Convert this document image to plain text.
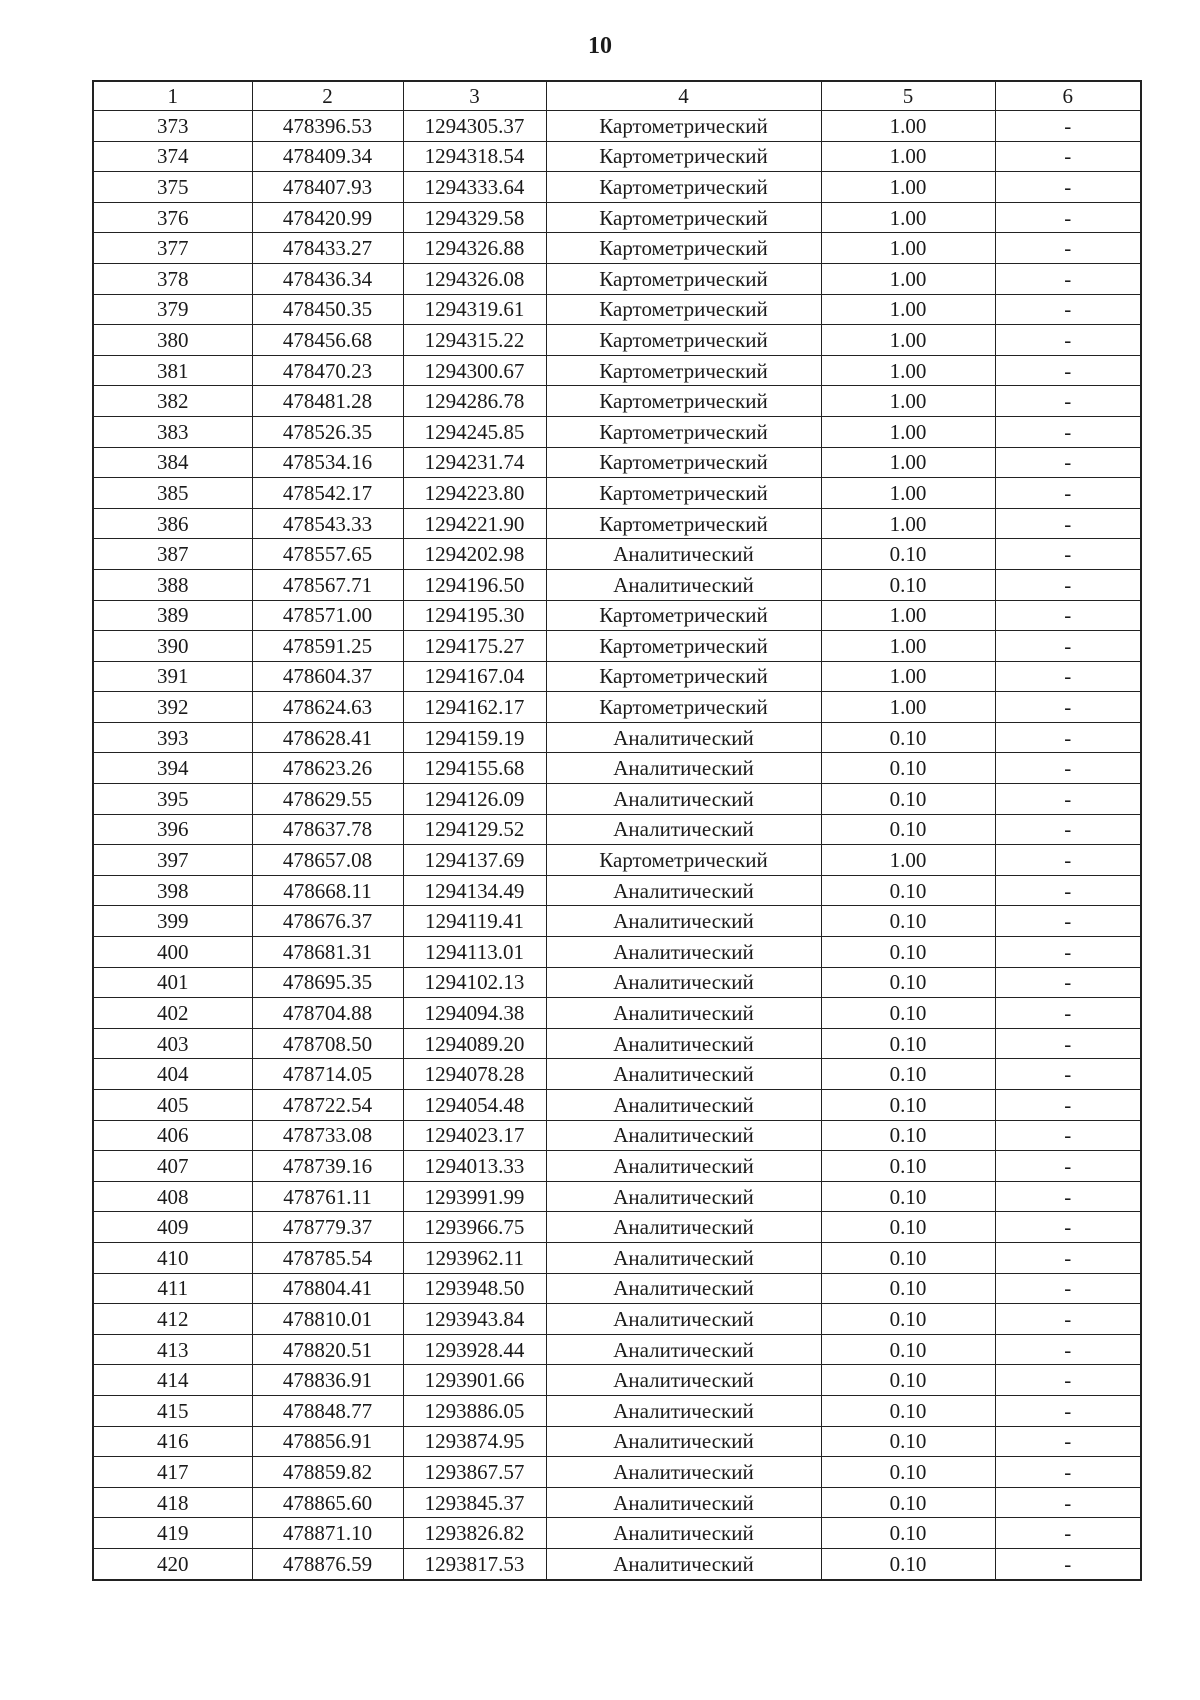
10
1	2	3	4	5	6
373	478396.53	1294305.37	Картометрический	1.00	-
374	478409.34	1294318.54	Картометрический	1.00	-
375	478407.93	1294333.64	Картометрический	1.00	-
376	478420.99	1294329.58	Картометрический	1.00	-
377	478433.27	1294326.88	Картометрический	1.00	-
378	478436.34	1294326.08	Картометрический	1.00	-
379	478450.35	1294319.61	Картометрический	1.00	-
380	478456.68	1294315.22	Картометрический	1.00	-
381	478470.23	1294300.67	Картометрический	1.00	-
382	478481.28	1294286.78	Картометрический	1.00	-
383	478526.35	1294245.85	Картометрический	1.00	-
384	478534.16	1294231.74	Картометрический	1.00	-
385	478542.17	1294223.80	Картометрический	1.00	-
386	478543.33	1294221.90	Картометрический	1.00	-
387	478557.65	1294202.98	Аналитический	0.10	-
388	478567.71	1294196.50	Аналитический	0.10	-
389	478571.00	1294195.30	Картометрический	1.00	-
390	478591.25	1294175.27	Картометрический	1.00	-
391	478604.37	1294167.04	Картометрический	1.00	-
392	478624.63	1294162.17	Картометрический	1.00	-
393	478628.41	1294159.19	Аналитический	0.10	-
394	478623.26	1294155.68	Аналитический	0.10	-
395	478629.55	1294126.09	Аналитический	0.10	-
396	478637.78	1294129.52	Аналитический	0.10	-
397	478657.08	1294137.69	Картометрический	1.00	-
398	478668.11	1294134.49	Аналитический	0.10	-
399	478676.37	1294119.41	Аналитический	0.10	-
400	478681.31	1294113.01	Аналитический	0.10	-
401	478695.35	1294102.13	Аналитический	0.10	-
402	478704.88	1294094.38	Аналитический	0.10	-
403	478708.50	1294089.20	Аналитический	0.10	-
404	478714.05	1294078.28	Аналитический	0.10	-
405	478722.54	1294054.48	Аналитический	0.10	-
406	478733.08	1294023.17	Аналитический	0.10	-
407	478739.16	1294013.33	Аналитический	0.10	-
408	478761.11	1293991.99	Аналитический	0.10	-
409	478779.37	1293966.75	Аналитический	0.10	-
410	478785.54	1293962.11	Аналитический	0.10	-
411	478804.41	1293948.50	Аналитический	0.10	-
412	478810.01	1293943.84	Аналитический	0.10	-
413	478820.51	1293928.44	Аналитический	0.10	-
414	478836.91	1293901.66	Аналитический	0.10	-
415	478848.77	1293886.05	Аналитический	0.10	-
416	478856.91	1293874.95	Аналитический	0.10	-
417	478859.82	1293867.57	Аналитический	0.10	-
418	478865.60	1293845.37	Аналитический	0.10	-
419	478871.10	1293826.82	Аналитический	0.10	-
420	478876.59	1293817.53	Аналитический	0.10	-
